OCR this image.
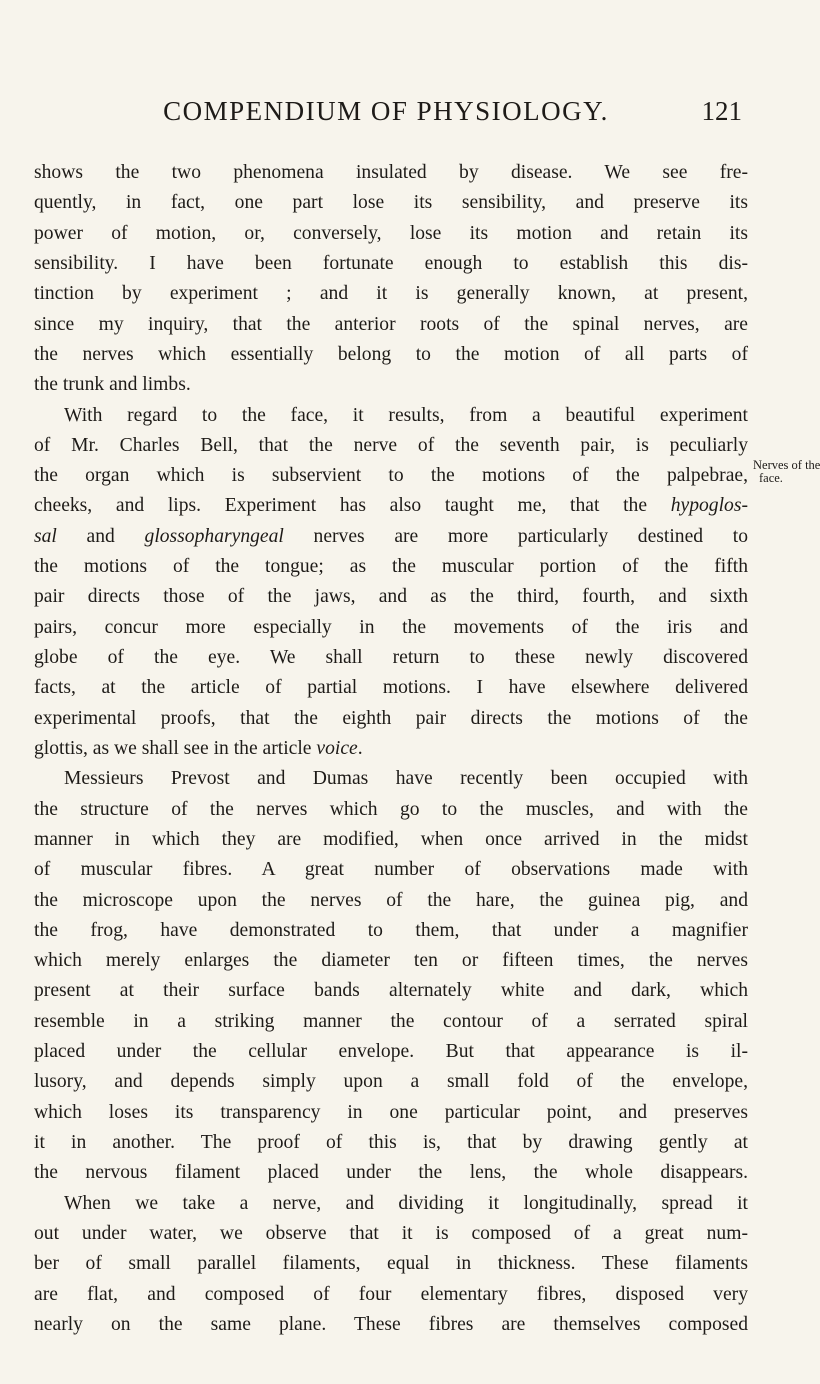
COMPENDIUM OF PHYSIOLOGY.	121
Nerves of the
face.
shows the two phenomena insulated by disease. We see fre-
quently, in fact, one part lose its sensibility, and preserve its
power of motion, or, conversely, lose its motion and retain its
sensibility. I have been fortunate enough to establish this dis-
tinction by experiment ; and it is generally known, at present,
since my inquiry, that the anterior roots of the spinal nerves, are
the nerves which essentially belong to the motion of all parts of
the trunk and limbs.
With regard to the face, it results, from a beautiful experiment
of Mr. Charles Bell, that the nerve of the seventh pair, is peculiarly
the organ which is subservient to the motions of the palpebrae,
cheeks, and lips. Experiment has also taught me, that the hypoglos-
sal and glossopharyngeal nerves are more particularly destined to
the motions of the tongue; as the muscular portion of the fifth
pair directs those of the jaws, and as the third, fourth, and sixth
pairs, concur more especially in the movements of the iris and
globe of the eye. We shall return to these newly discovered
facts, at the article of partial motions. I have elsewhere delivered
experimental proofs, that the eighth pair directs the motions of the
glottis, as we shall see in the article voice.
Messieurs Prevost and Dumas have recently been occupied with
the structure of the nerves which go to the muscles, and with the
manner in which they are modified, when once arrived in the midst
of muscular fibres. A great number of observations made with
the microscope upon the nerves of the hare, the guinea pig, and
the frog, have demonstrated to them, that under a magnifier
which merely enlarges the diameter ten or fifteen times, the nerves
present at their surface bands alternately white and dark, which
resemble in a striking manner the contour of a serrated spiral
placed under the cellular envelope. But that appearance is il-
lusory, and depends simply upon a small fold of the envelope,
which loses its transparency in one particular point, and preserves
it in another. The proof of this is, that by drawing gently at
the nervous filament placed under the lens, the whole disappears.
When we take a nerve, and dividing it longitudinally, spread it
out under water, we observe that it is composed of a great num-
ber of small parallel filaments, equal in thickness. These filaments
are flat, and composed of four elementary fibres, disposed very
nearly on the same plane. These fibres are themselves composed
